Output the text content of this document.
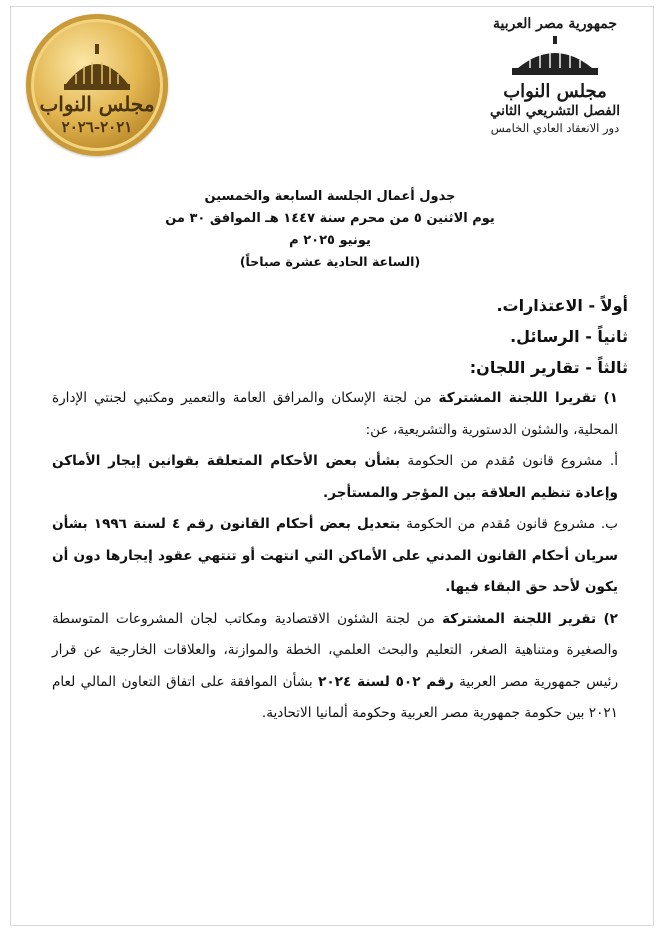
مجلس النواب
٢٠٢١-٢٠٢٦
جمهورية مصر العربية
مجلس النواب
الفصل التشريعي الثاني
دور الانعقاد العادي الخامس
جدول أعمال الجلسة السابعة والخمسين
يوم الاثنين ٥ من محرم سنة ١٤٤٧ هـ الموافق ٣٠ من يونيو ٢٠٢٥ م
(الساعة الحادية عشرة صباحاً)
أولاً - الاعتذارات.
ثانياً - الرسائل.
ثالثاً - تقارير اللجان:
١) تقريرا اللجنة المشتركة من لجنة الإسكان والمرافق العامة والتعمير ومكتبي لجنتي الإدارة المحلية، والشئون الدستورية والتشريعية، عن:
أ. مشروع قانون مُقدم من الحكومة بشأن بعض الأحكام المتعلقة بقوانين إيجار الأماكن وإعادة تنظيم العلاقة بين المؤجر والمستأجر.
ب. مشروع قانون مُقدم من الحكومة بتعديل بعض أحكام القانون رقم ٤ لسنة ١٩٩٦ بشأن سريان أحكام القانون المدني على الأماكن التي انتهت أو تنتهي عقود إيجارها دون أن يكون لأحد حق البقاء فيها.
٢) تقرير اللجنة المشتركة من لجنة الشئون الاقتصادية ومكاتب لجان المشروعات المتوسطة والصغيرة ومتناهية الصغر، التعليم والبحث العلمي، الخطة والموازنة، والعلاقات الخارجية عن قرار رئيس جمهورية مصر العربية رقم ٥٠٢ لسنة ٢٠٢٤ بشأن الموافقة على اتفاق التعاون المالي لعام ٢٠٢١ بين حكومة جمهورية مصر العربية وحكومة ألمانيا الاتحادية.
